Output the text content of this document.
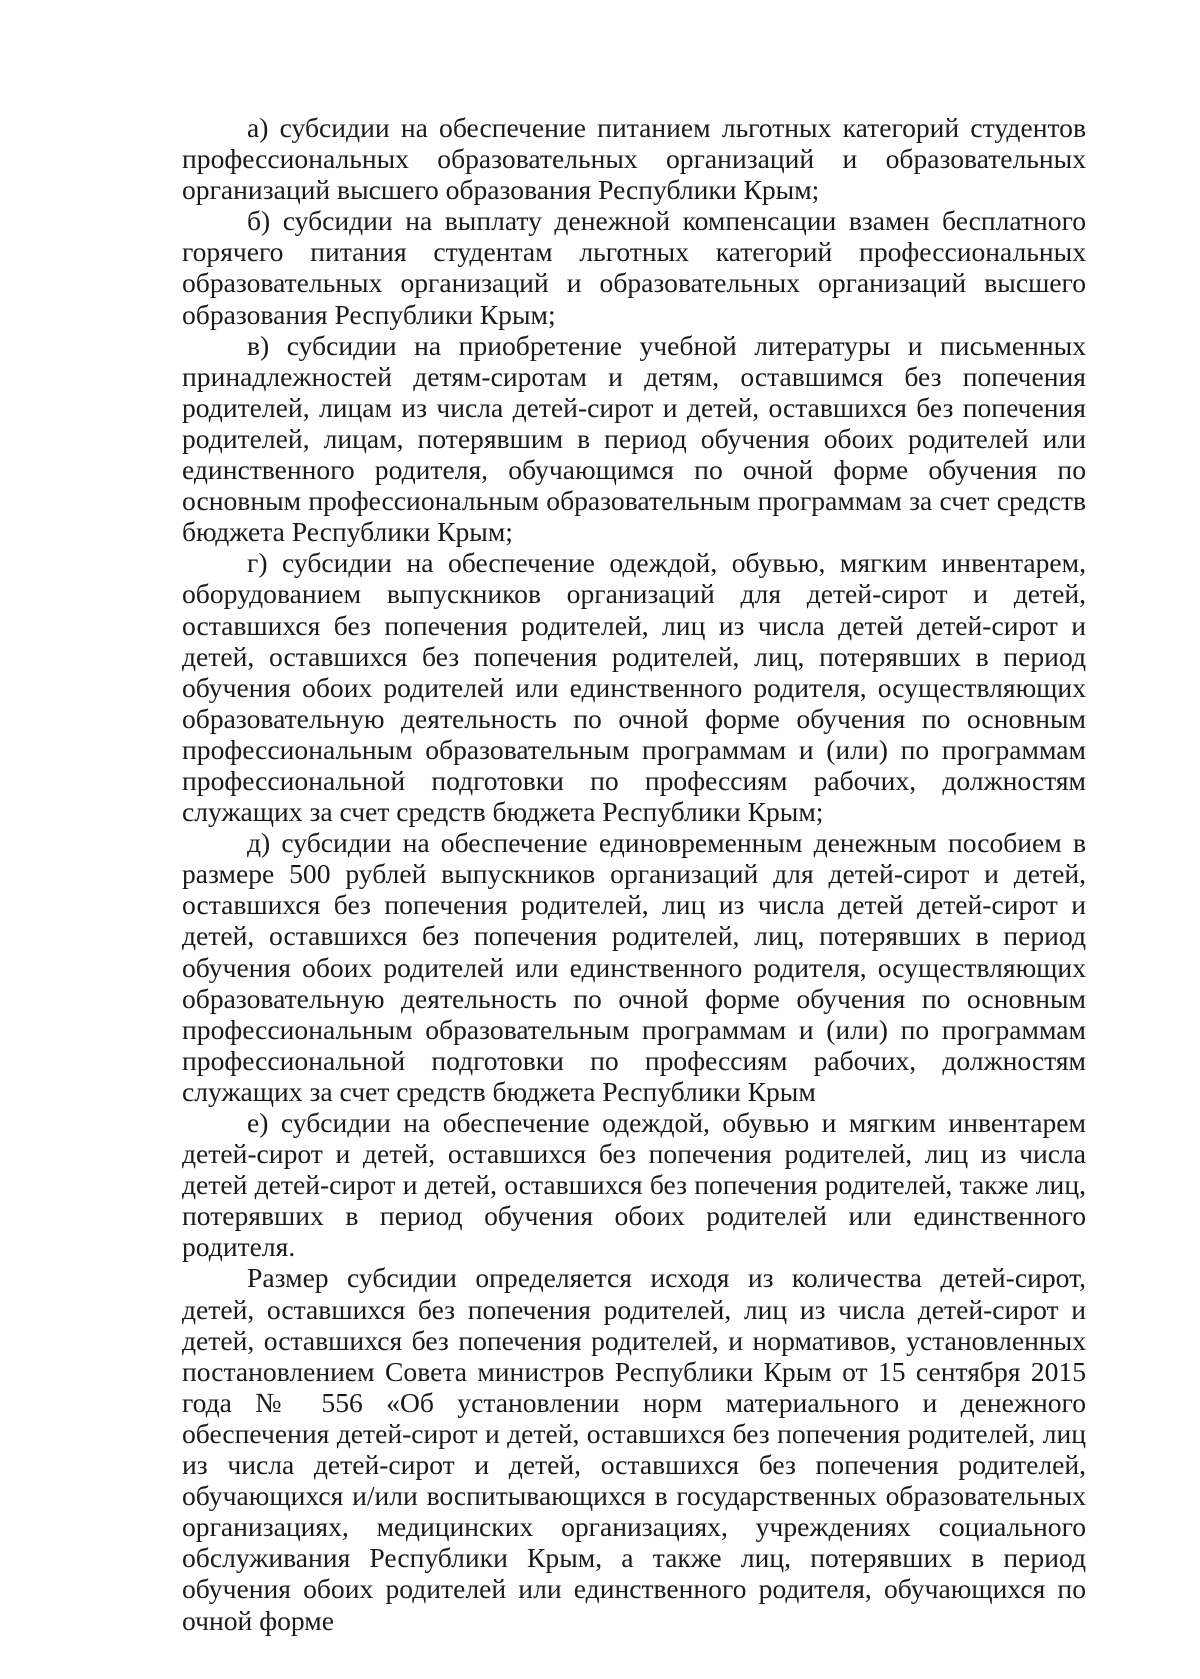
а) субсидии на обеспечение питанием льготных категорий студентов профессиональных образовательных организаций и образовательных организаций высшего образования Республики Крым;

б) субсидии на выплату денежной компенсации взамен бесплатного горячего питания студентам льготных категорий профессиональных образовательных организаций и образовательных организаций высшего образования Республики Крым;

в) субсидии на приобретение учебной литературы и письменных принадлежностей детям-сиротам и детям, оставшимся без попечения родителей, лицам из числа детей-сирот и детей, оставшихся без попечения родителей, лицам, потерявшим в период обучения обоих родителей или единственного родителя, обучающимся по очной форме обучения по основным профессиональным образовательным программам за счет средств бюджета Республики Крым;

г) субсидии на обеспечение одеждой, обувью, мягким инвентарем, оборудованием выпускников организаций для детей-сирот и детей, оставшихся без попечения родителей, лиц из числа детей детей-сирот и детей, оставшихся без попечения родителей, лиц, потерявших в период обучения обоих родителей или единственного родителя, осуществляющих образовательную деятельность по очной форме обучения по основным профессиональным образовательным программам и (или) по программам профессиональной подготовки по профессиям рабочих, должностям служащих за счет средств бюджета Республики Крым;

д) субсидии на обеспечение единовременным денежным пособием в размере 500 рублей выпускников организаций для детей-сирот и детей, оставшихся без попечения родителей, лиц из числа детей детей-сирот и детей, оставшихся без попечения родителей, лиц, потерявших в период обучения обоих родителей или единственного родителя, осуществляющих образовательную деятельность по очной форме обучения по основным профессиональным образовательным программам и (или) по программам профессиональной подготовки по профессиям рабочих, должностям служащих за счет средств бюджета Республики Крым

е) субсидии на обеспечение одеждой, обувью и мягким инвентарем детей-сирот и детей, оставшихся без попечения родителей, лиц из числа детей детей-сирот и детей, оставшихся без попечения родителей, также лиц, потерявших в период обучения обоих родителей или единственного родителя.

Размер субсидии определяется исходя из количества детей-сирот, детей, оставшихся без попечения родителей, лиц из числа детей-сирот и детей, оставшихся без попечения родителей, и нормативов, установленных постановлением Совета министров Республики Крым от 15 сентября 2015 года № 556 «Об установлении норм материального и денежного обеспечения детей-сирот и детей, оставшихся без попечения родителей, лиц из числа детей-сирот и детей, оставшихся без попечения родителей, обучающихся и/или воспитывающихся в государственных образовательных организациях, медицинских организациях, учреждениях социального обслуживания Республики Крым, а также лиц, потерявших в период обучения обоих родителей или единственного родителя, обучающихся по очной форме
